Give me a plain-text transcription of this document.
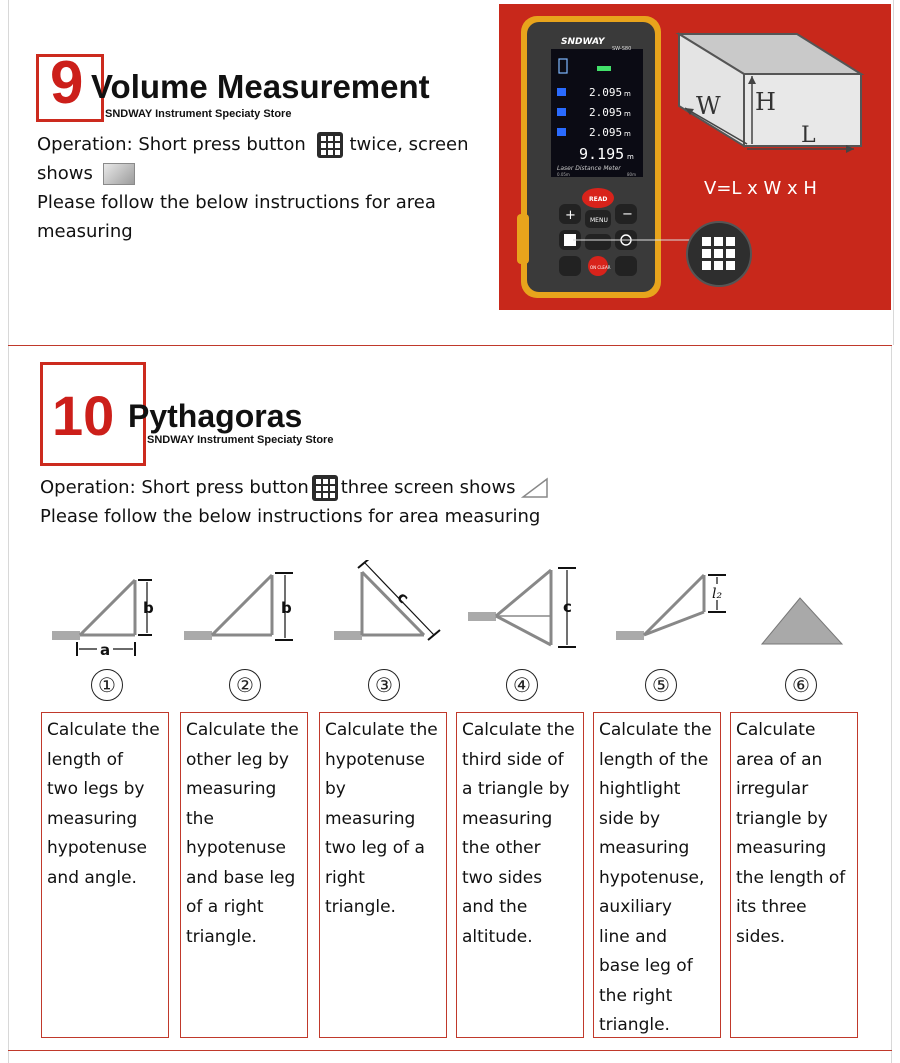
9 Volume Measurement
SNDWAY Instrument Speciaty Store
Operation: Short press button twice, screen
shows
Please follow the below instructions for area
measuring
2.095
2.095
2.095
m
m
m
9.195 m
Laser Distance Meter
0.05m	80m
SNDWAY
SW-S80
READ
+	−
MENU
ON CLEAR
W H
L
V=L x W x H
10 Pythagoras
SNDWAY Instrument Speciaty Store
Operation: Short press button three screen shows
Please follow the below instructions for area measuring
b
a
b
c	c
l₂
①	②	③	④	⑤	⑥
Calculate the
length of
two legs by
measuring
hypotenuse
and angle.
Calculate the
other leg by
measuring
the
hypotenuse
and base leg
of a right
triangle.
Calculate the
hypotenuse
by
measuring
two leg of a
right
triangle.
Calculate the
third side of
a triangle by
measuring
the other
two sides
and the
altitude.
Calculate the
length of the
hightlight
side by
measuring
hypotenuse,
auxiliary
line and
base leg of
the right
triangle.
Calculate
area of an
irregular
triangle by
measuring
the length of
its three
sides.
